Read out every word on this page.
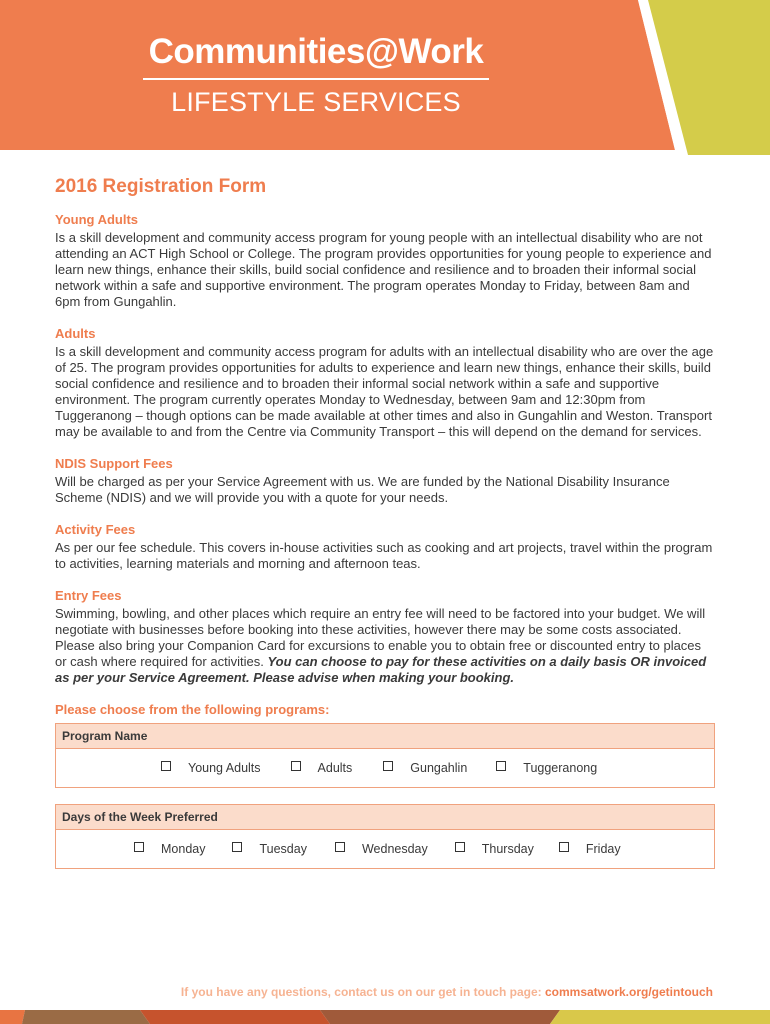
Communities@Work
LIFESTYLE SERVICES
2016 Registration Form
Young Adults
Is a skill development and community access program for young people with an intellectual disability who are not attending an ACT High School or College. The program provides opportunities for young people to experience and learn new things, enhance their skills, build social confidence and resilience and to broaden their informal social network within a safe and supportive environment. The program operates Monday to Friday, between 8am and 6pm from Gungahlin.
Adults
Is a skill development and community access program for adults with an intellectual disability who are over the age of 25. The program provides opportunities for adults to experience and learn new things, enhance their skills, build social confidence and resilience and to broaden their informal social network within a safe and supportive environment. The program currently operates Monday to Wednesday, between 9am and 12:30pm from Tuggeranong – though options can be made available at other times and also in Gungahlin and Weston. Transport may be available to and from the Centre via Community Transport – this will depend on the demand for services.
NDIS Support Fees
Will be charged as per your Service Agreement with us. We are funded by the National Disability Insurance Scheme (NDIS) and we will provide you with a quote for your needs.
Activity Fees
As per our fee schedule. This covers in-house activities such as cooking and art projects, travel within the program to activities, learning materials and morning and afternoon teas.
Entry Fees
Swimming, bowling, and other places which require an entry fee will need to be factored into your budget. We will negotiate with businesses before booking into these activities, however there may be some costs associated. Please also bring your Companion Card for excursions to enable you to obtain free or discounted entry to places or cash where required for activities. You can choose to pay for these activities on a daily basis OR invoiced as per your Service Agreement. Please advise when making your booking.
Please choose from the following programs:
Program Name
Young Adults	Adults	Gungahlin	Tuggeranong
Days of the Week Preferred
Monday	Tuesday	Wednesday	Thursday	Friday
If you have any questions, contact us on our get in touch page: commsatwork.org/getintouch
